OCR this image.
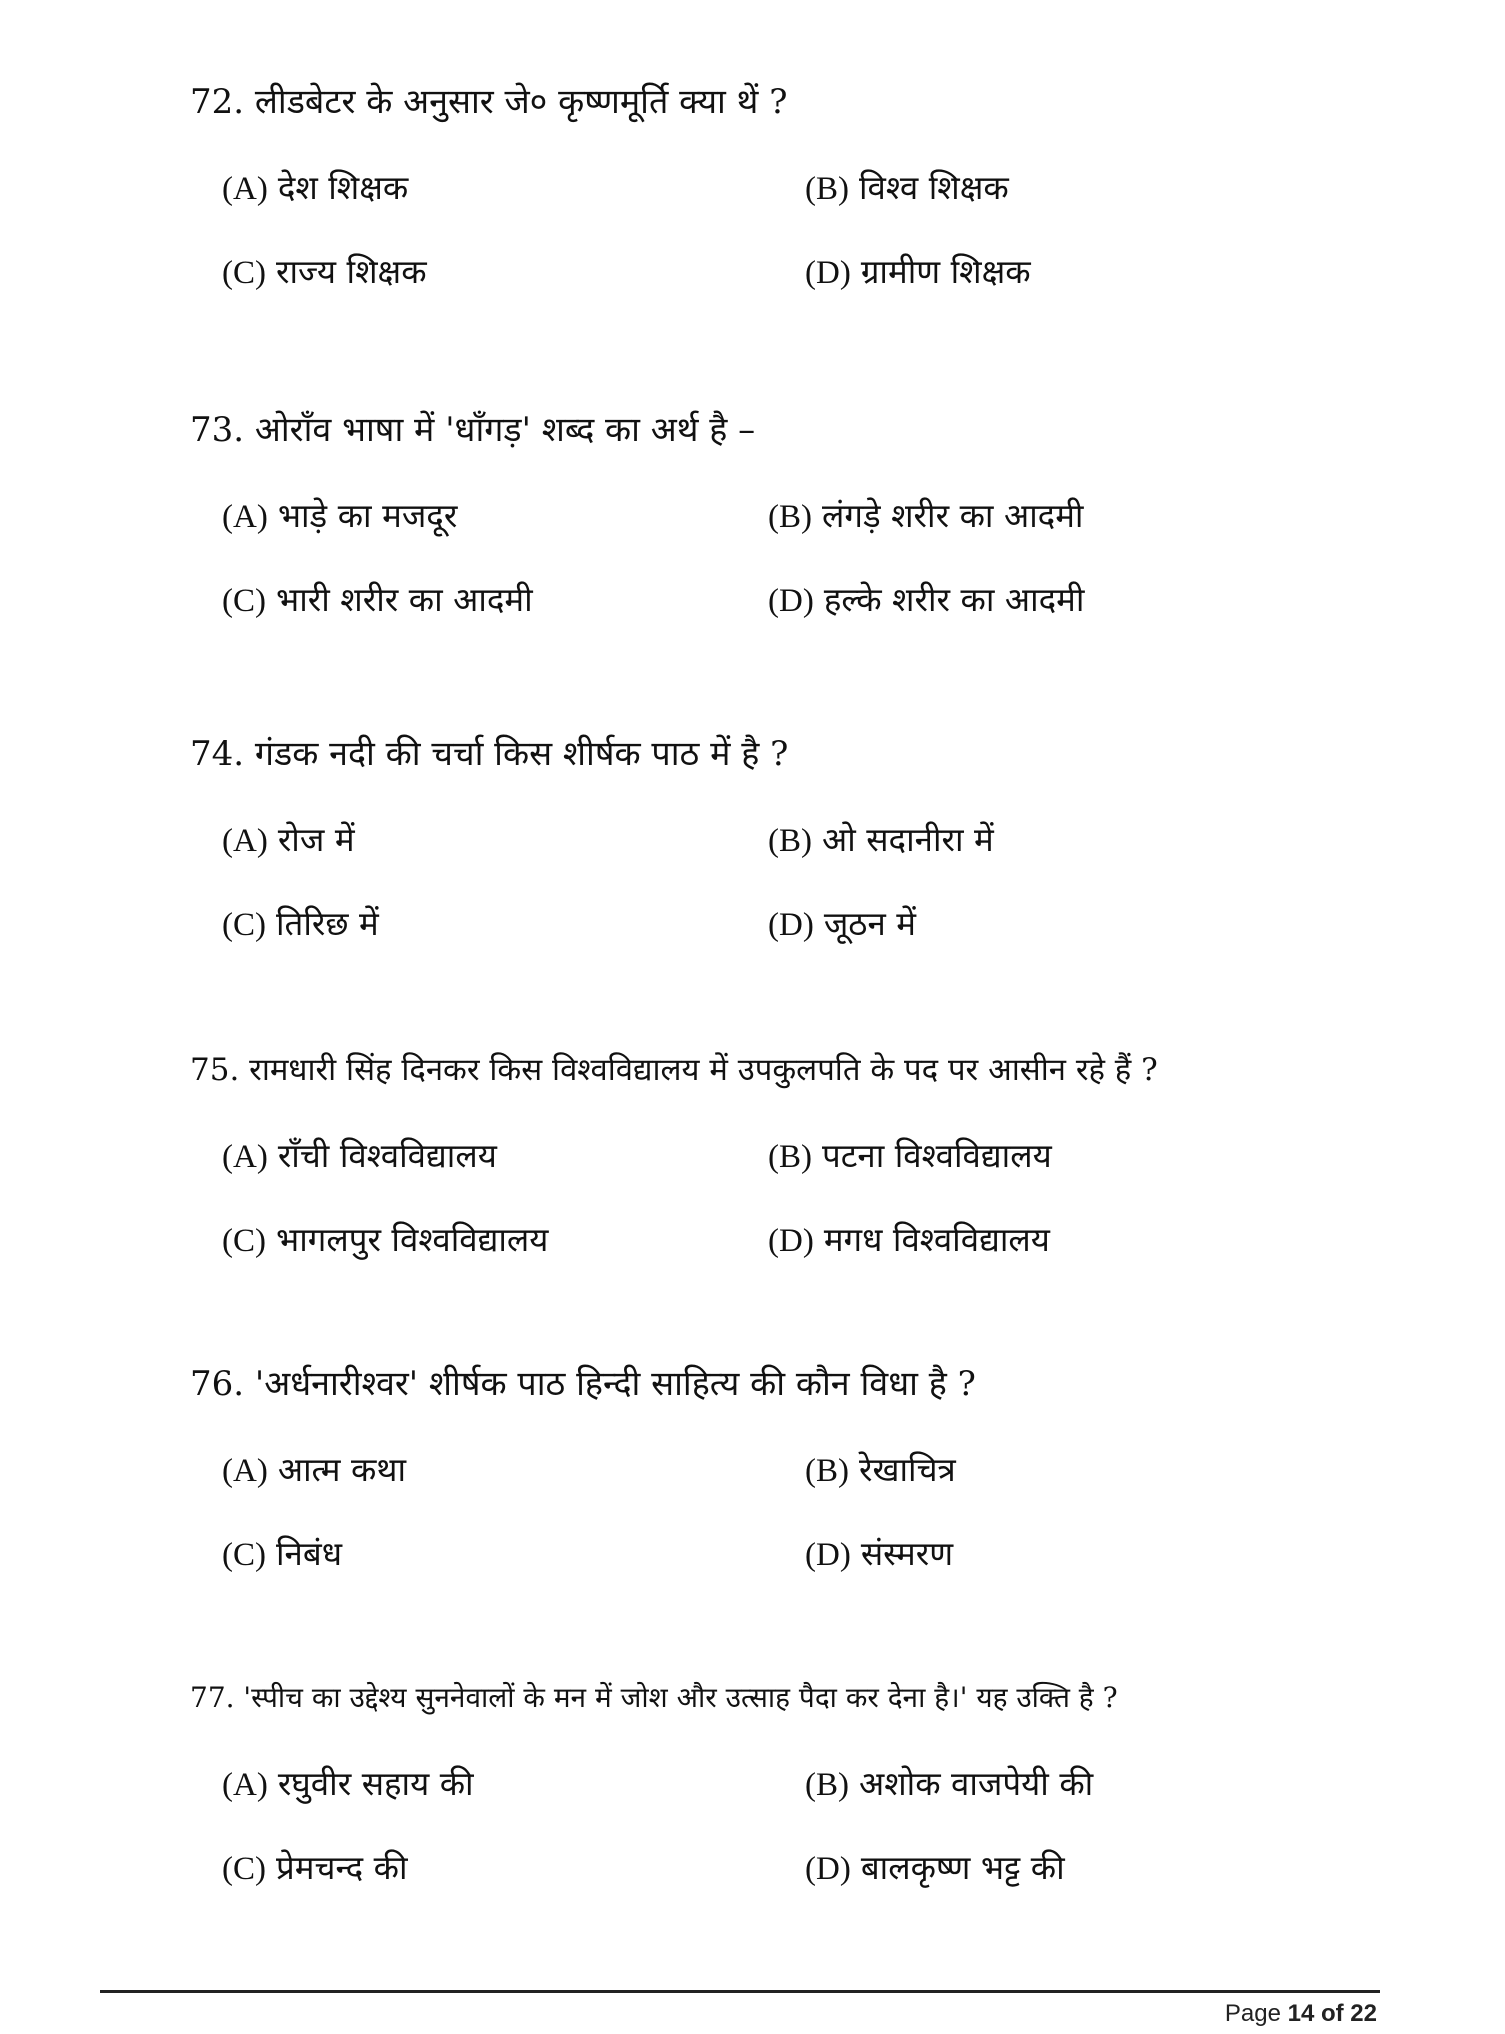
72. लीडबेटर के अनुसार जे० कृष्णमूर्ति क्या थें ?
(A) देश शिक्षक	(B) विश्व शिक्षक
(C) राज्य शिक्षक	(D) ग्रामीण शिक्षक
73. ओराँव भाषा में 'धाँगड़' शब्द का अर्थ है –
(A) भाड़े का मजदूर	(B) लंगड़े शरीर का आदमी
(C) भारी शरीर का आदमी	(D) हल्के शरीर का आदमी
74. गंडक नदी की चर्चा किस शीर्षक पाठ में है ?
(A) रोज में	(B) ओ सदानीरा में
(C) तिरिछ में	(D) जूठन में
75. रामधारी सिंह दिनकर किस विश्वविद्यालय में उपकुलपति के पद पर आसीन रहे हैं ?
(A) राँची विश्वविद्यालय	(B) पटना विश्वविद्यालय
(C) भागलपुर विश्वविद्यालय	(D) मगध विश्वविद्यालय
76. 'अर्धनारीश्वर' शीर्षक पाठ हिन्दी साहित्य की कौन विधा है ?
(A) आत्म कथा	(B) रेखाचित्र
(C) निबंध	(D) संस्मरण
77. 'स्पीच का उद्देश्य सुननेवालों के मन में जोश और उत्साह पैदा कर देना है।' यह उक्ति है ?
(A) रघुवीर सहाय की	(B) अशोक वाजपेयी की
(C) प्रेमचन्द की	(D) बालकृष्ण भट्ट की
Page 14 of 22
